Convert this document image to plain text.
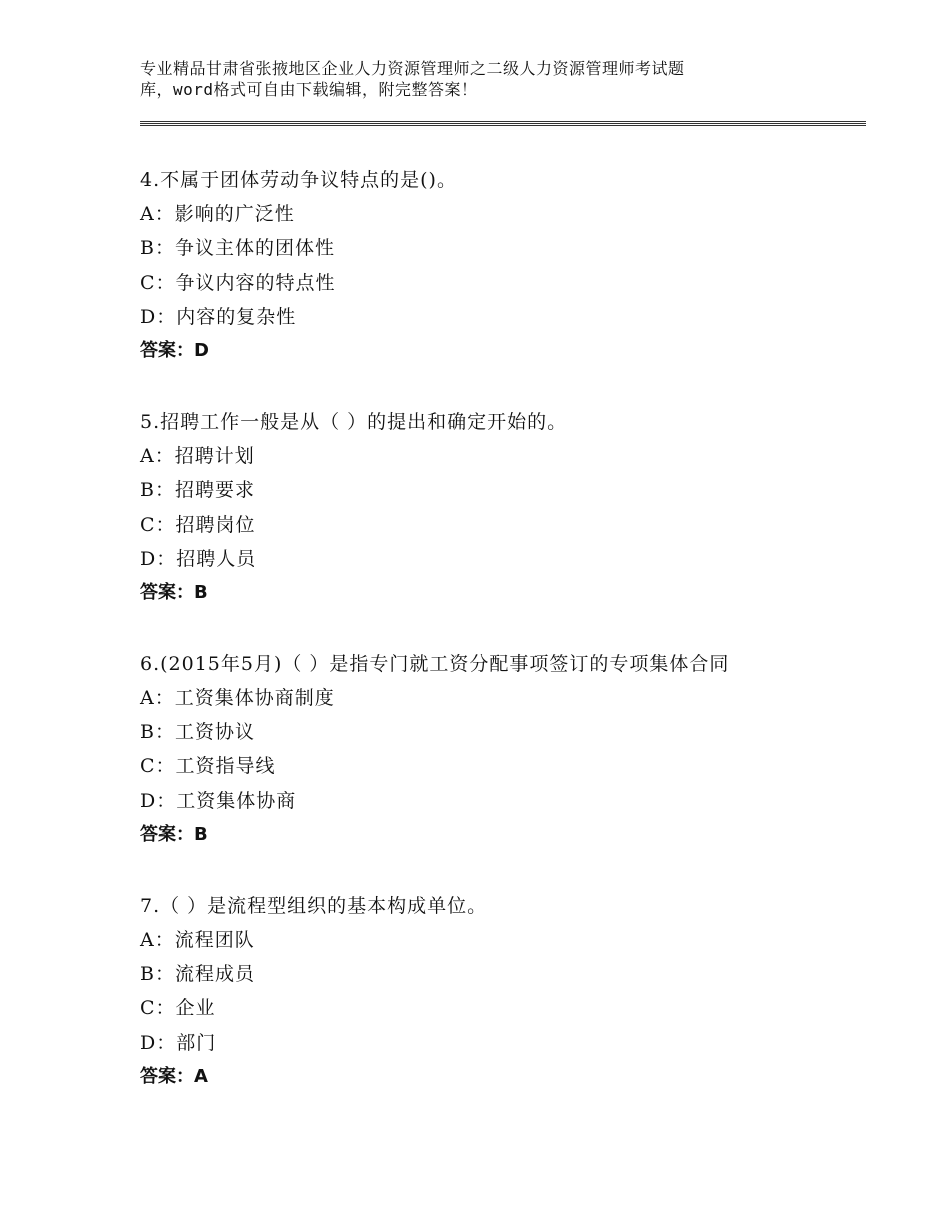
专业精品甘肃省张掖地区企业人力资源管理师之二级人力资源管理师考试题
库，word格式可自由下载编辑，附完整答案！
4.不属于团体劳动争议特点的是()。
A：影响的广泛性
B：争议主体的团体性
C：争议内容的特点性
D：内容的复杂性
答案：D
5.招聘工作一般是从（ ）的提出和确定开始的。
A：招聘计划
B：招聘要求
C：招聘岗位
D：招聘人员
答案：B
6.(2015年5月)（ ）是指专门就工资分配事项签订的专项集体合同
A：工资集体协商制度
B：工资协议
C：工资指导线
D：工资集体协商
答案：B
7.（ ）是流程型组织的基本构成单位。
A：流程团队
B：流程成员
C：企业
D：部门
答案：A
